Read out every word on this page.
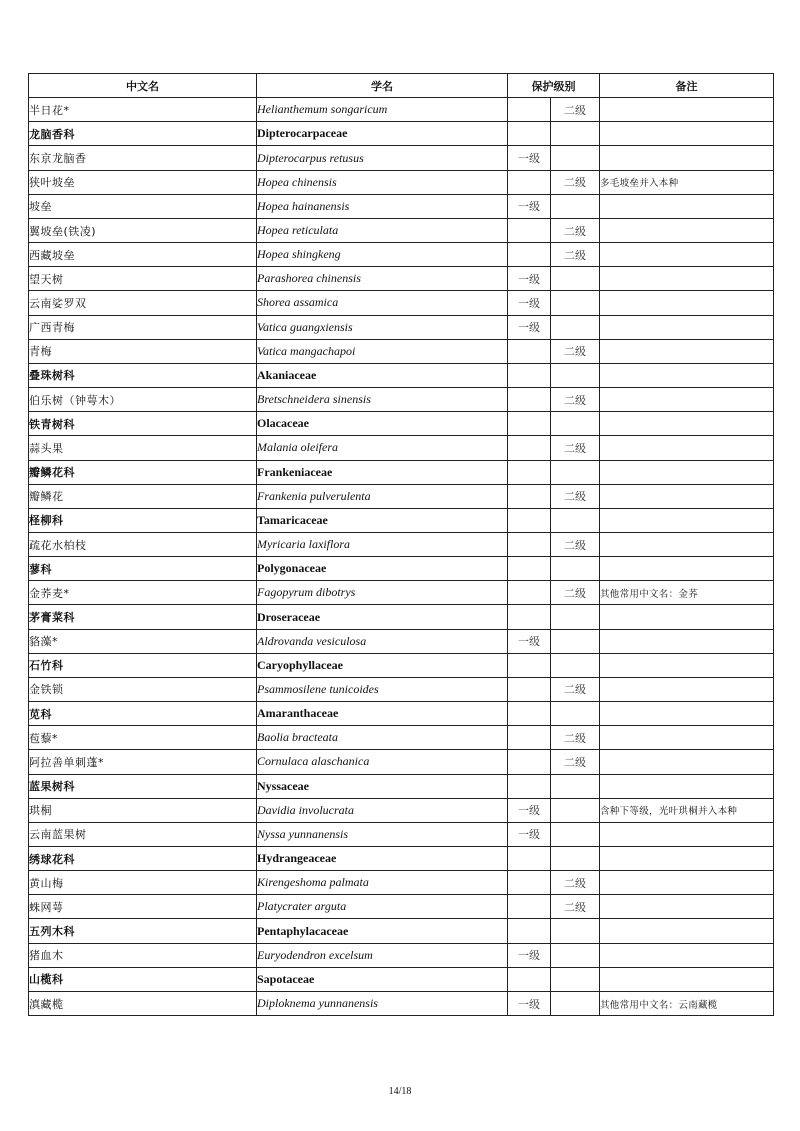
中文名	学名	保护级别		备注
半日花*	Helianthemum songaricum		二级	
龙脑香科	Dipterocarpaceae			
东京龙脑香	Dipterocarpus retusus	一级		
狭叶坡垒	Hopea chinensis		二级	多毛坡垒并入本种
坡垒	Hopea hainanensis	一级		
翼坡垒(铁凌)	Hopea reticulata		二级	
西藏坡垒	Hopea shingkeng		二级	
望天树	Parashorea chinensis	一级		
云南娑罗双	Shorea assamica	一级		
广西青梅	Vatica guangxiensis	一级		
青梅	Vatica mangachapoi		二级	
叠珠树科	Akaniaceae			
伯乐树（钟萼木）	Bretschneidera sinensis		二级	
铁青树科	Olacaceae			
蒜头果	Malania oleifera		二级	
瓣鳞花科	Frankeniaceae			
瓣鳞花	Frankenia pulverulenta		二级	
柽柳科	Tamaricaceae			
疏花水柏枝	Myricaria laxiflora		二级	
蓼科	Polygonaceae			
金荞麦*	Fagopyrum dibotrys		二级	其他常用中文名：金荞
茅膏菜科	Droseraceae			
貉藻*	Aldrovanda vesiculosa	一级		
石竹科	Caryophyllaceae			
金铁锁	Psammosilene tunicoides		二级	
苋科	Amaranthaceae			
苞藜*	Baolia bracteata		二级	
阿拉善单刺蓬*	Cornulaca alaschanica		二级	
蓝果树科	Nyssaceae			
珙桐	Davidia involucrata	一级		含种下等级，光叶珙桐并入本种
云南蓝果树	Nyssa yunnanensis	一级		
绣球花科	Hydrangeaceae			
黄山梅	Kirengeshoma palmata		二级	
蛛网萼	Platycrater arguta		二级	
五列木科	Pentaphylacaceae			
猪血木	Euryodendron excelsum	一级		
山榄科	Sapotaceae			
滇藏榄	Diploknema yunnanensis	一级		其他常用中文名：云南藏榄
14/18
